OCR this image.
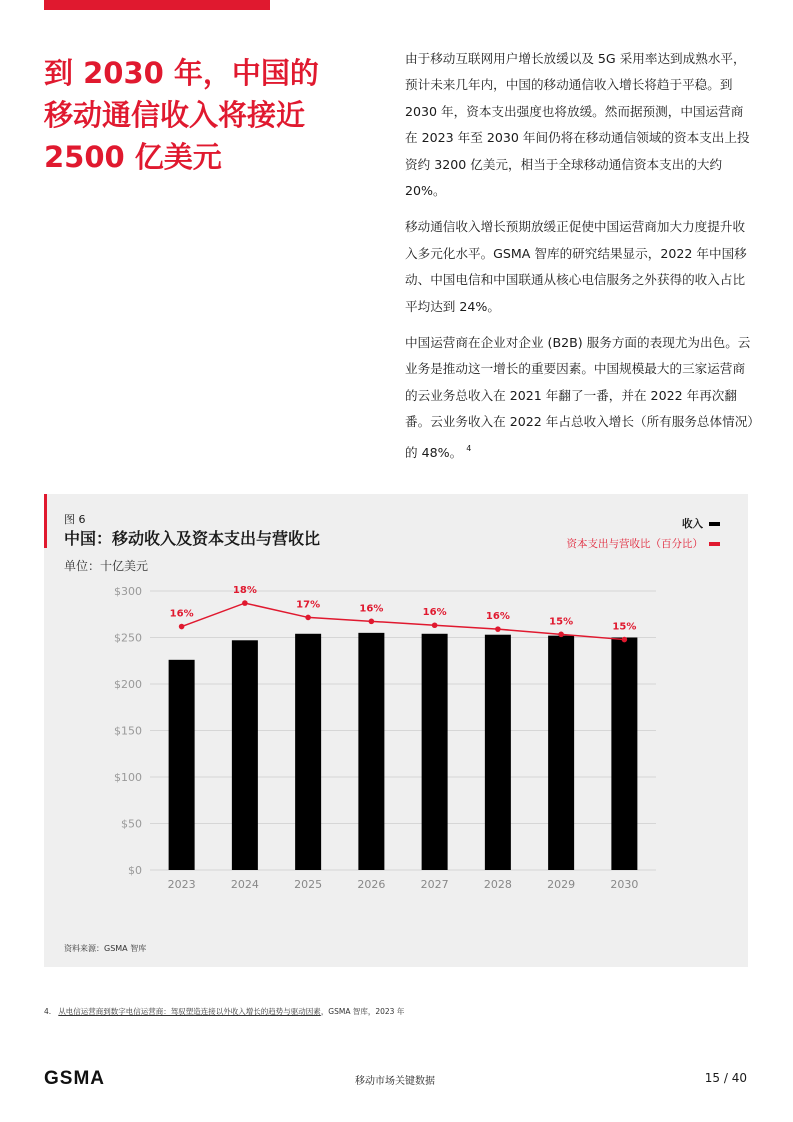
到 2030 年，中国的
移动通信收入将接近
2500 亿美元

由于移动互联网用户增长放缓以及 5G 采用率达到成熟水平，预计未来几年内，中国的移动通信收入增长将趋于平稳。到 2030 年，资本支出强度也将放缓。然而据预测，中国运营商在 2023 年至 2030 年间仍将在移动通信领域的资本支出上投资约 3200 亿美元，相当于全球移动通信资本支出的大约 20%。

移动通信收入增长预期放缓正促使中国运营商加大力度提升收入多元化水平。GSMA 智库的研究结果显示，2022 年中国移动、中国电信和中国联通从核心电信服务之外获得的收入占比平均达到 24%。

中国运营商在企业对企业 (B2B) 服务方面的表现尤为出色。云业务是推动这一增长的重要因素。中国规模最大的三家运营商的云业务总收入在 2021 年翻了一番，并在 2022 年再次翻番。云业务收入在 2022 年占总收入增长（所有服务总体情况）的 48%。 $^4$

图 6
中国：移动收入及资本支出与营收比
单位：十亿美元
收入
资本支出与营收比（百分比）
$0
$50
$100
$150
$200
$250
$300
2023	2024	2025	2026	2027	2028	2029	2030
16%
18%
17%	16%	16%	16%	15%	15%
资料来源：GSMA 智库
4. 从电信运营商到数字电信运营商：驾驭塑造连接以外收入增长的趋势与驱动因素，GSMA 智库，2023 年
GSMA	移动市场关键数据	15 / 40
